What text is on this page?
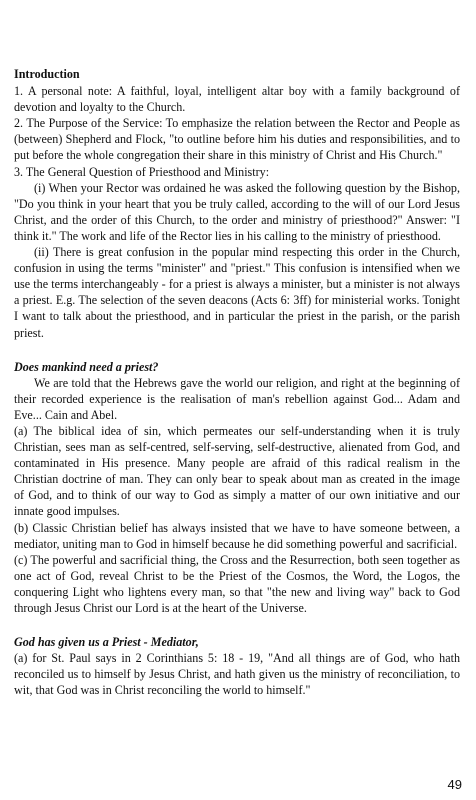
Introduction

1. A personal note: A faithful, loyal, intelligent altar boy with a family background of devotion and loyalty to the Church.

2. The Purpose of the Service: To emphasize the relation between the Rector and People as (between) Shepherd and Flock, "to outline before him his duties and responsibilities, and to put before the whole congregation their share in this ministry of Christ and His Church."

3. The General Question of Priesthood and Ministry:

(i) When your Rector was ordained he was asked the following question by the Bishop, "Do you think in your heart that you be truly called, according to the will of our Lord Jesus Christ, and the order of this Church, to the order and ministry of priesthood?" Answer: "I think it." The work and life of the Rector lies in his calling to the ministry of priesthood.

(ii) There is great confusion in the popular mind respecting this order in the Church, confusion in using the terms "minister" and "priest." This confusion is intensified when we use the terms interchangeably - for a priest is always a minister, but a minister is not always a priest. E.g. The selection of the seven deacons (Acts 6: 3ff) for ministerial works. Tonight I want to talk about the priesthood, and in particular the priest in the parish, or the parish priest.

Does mankind need a priest?

We are told that the Hebrews gave the world our religion, and right at the beginning of their recorded experience is the realisation of man's rebellion against God... Adam and Eve... Cain and Abel.

(a) The biblical idea of sin, which permeates our self-understanding when it is truly Christian, sees man as self-centred, self-serving, self-destructive, alienated from God, and contaminated in His presence. Many people are afraid of this radical realism in the Christian doctrine of man. They can only bear to speak about man as created in the image of God, and to think of our way to God as simply a matter of our own initiative and our innate good impulses.

(b) Classic Christian belief has always insisted that we have to have someone between, a mediator, uniting man to God in himself because he did something powerful and sacrificial.

(c) The powerful and sacrificial thing, the Cross and the Resurrection, both seen together as one act of God, reveal Christ to be the Priest of the Cosmos, the Word, the Logos, the conquering Light who lightens every man, so that "the new and living way" back to God through Jesus Christ our Lord is at the heart of the Universe.

God has given us a Priest - Mediator,

(a) for St. Paul says in 2 Corinthians 5: 18 - 19, "And all things are of God, who hath reconciled us to himself by Jesus Christ, and hath given us the ministry of reconciliation, to wit, that God was in Christ reconciling the world to himself."

49
